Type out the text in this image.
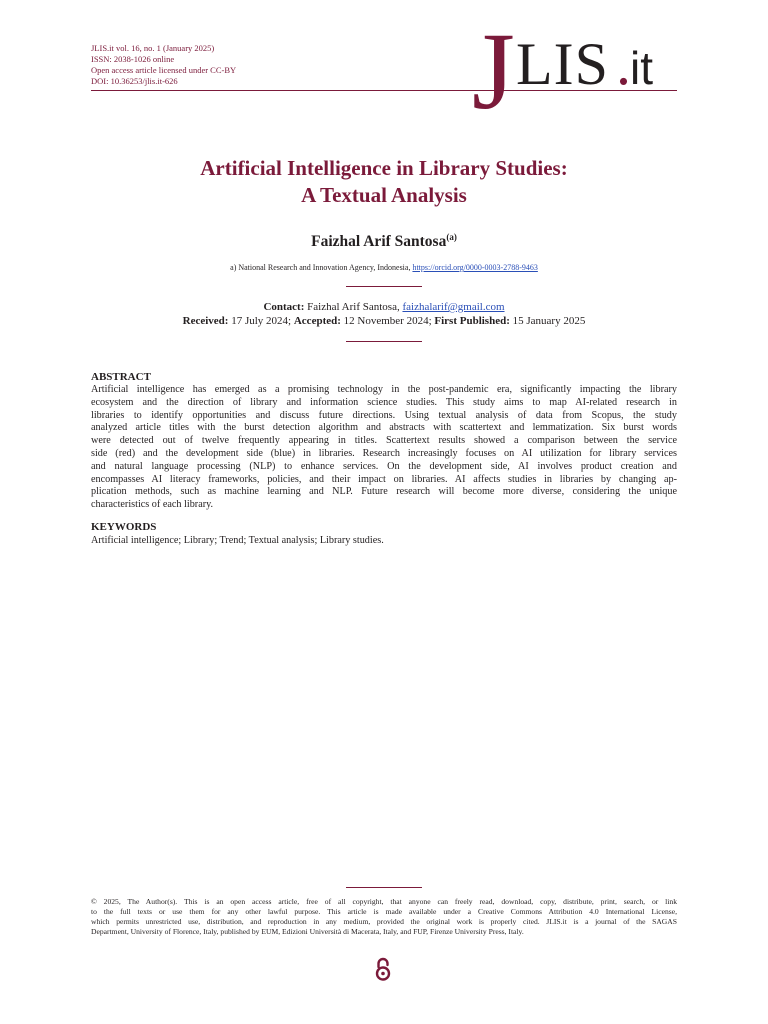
JLIS.it vol. 16, no. 1 (January 2025)
ISSN: 2038-1026 online
Open access article licensed under CC-BY
DOI: 10.36253/jlis.it-626	J LIS . it
Artificial Intelligence in Library Studies:
A Textual Analysis
Faizhal Arif Santosa$^{(a)}$
a) National Research and Innovation Agency, Indonesia, https://orcid.org/0000-0003-2788-9463
Contact: Faizhal Arif Santosa, faizhalarif@gmail.com
Received: 17 July 2024; Accepted: 12 November 2024; First Published: 15 January 2025
ABSTRACT
Artificial intelligence has emerged as a promising technology in the post-pandemic era, significantly impacting the library
ecosystem and the direction of library and information science studies. This study aims to map AI-related research in
libraries to identify opportunities and discuss future directions. Using textual analysis of data from Scopus, the study
analyzed article titles with the burst detection algorithm and abstracts with scattertext and lemmatization. Six burst words
were detected out of twelve frequently appearing in titles. Scattertext results showed a comparison between the service
side (red) and the development side (blue) in libraries. Research increasingly focuses on AI utilization for library services
and natural language processing (NLP) to enhance services. On the development side, AI involves product creation and
encompasses AI literacy frameworks, policies, and their impact on libraries. AI affects studies in libraries by changing ap-
plication methods, such as machine learning and NLP. Future research will become more diverse, considering the unique
characteristics of each library.
KEYWORDS
Artificial intelligence; Library; Trend; Textual analysis; Library studies.
© 2025, The Author(s). This is an open access article, free of all copyright, that anyone can freely read, download, copy, distribute, print, search, or link
to the full texts or use them for any other lawful purpose. This article is made available under a Creative Commons Attribution 4.0 International License,
which permits unrestricted use, distribution, and reproduction in any medium, provided the original work is properly cited. JLIS.it is a journal of the SAGAS
Department, University of Florence, Italy, published by EUM, Edizioni Università di Macerata, Italy, and FUP, Firenze University Press, Italy.
